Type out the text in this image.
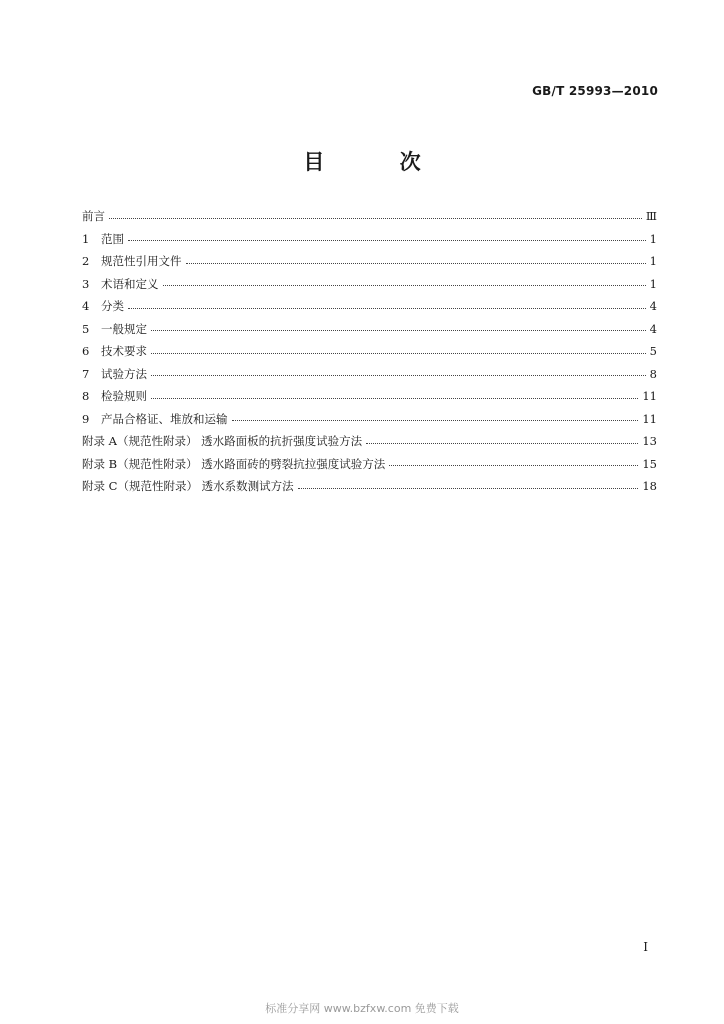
GB/T 25993—2010
目 次
前言	Ⅲ
1	范围	1
2	规范性引用文件	1
3	术语和定义	1
4	分类	4
5	一般规定	4
6	技术要求	5
7	试验方法	8
8	检验规则	11
9	产品合格证、堆放和运输	11
附录 A（规范性附录） 透水路面板的抗折强度试验方法	13
附录 B（规范性附录） 透水路面砖的劈裂抗拉强度试验方法	15
附录 C（规范性附录） 透水系数测试方法	18
I
标准分享网 www.bzfxw.com 免费下载
